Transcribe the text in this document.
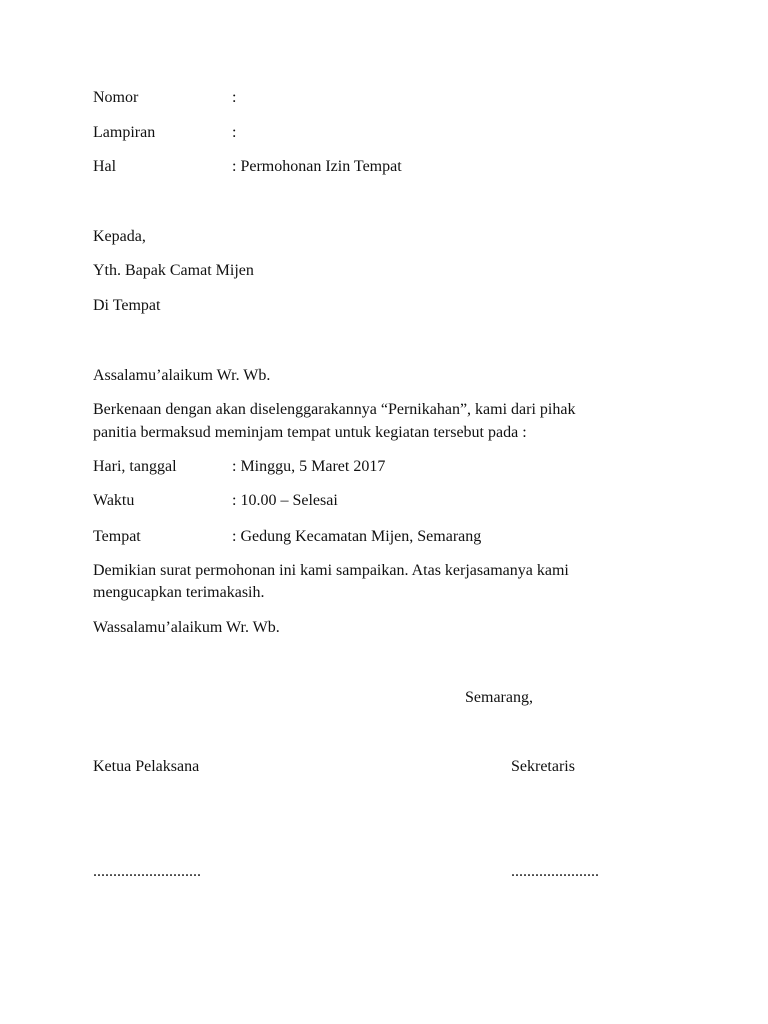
Nomor	:
Lampiran	:
Hal	: Permohonan Izin Tempat
Kepada,
Yth. Bapak Camat Mijen
Di Tempat
Assalamu’alaikum Wr. Wb.
Berkenaan dengan akan diselenggarakannya “Pernikahan”, kami dari pihak
panitia bermaksud meminjam tempat untuk kegiatan tersebut pada :
Hari, tanggal	: Minggu, 5 Maret 2017
Waktu	: 10.00 – Selesai
Tempat	: Gedung Kecamatan Mijen, Semarang
Demikian surat permohonan ini kami sampaikan. Atas kerjasamanya kami
mengucapkan terimakasih.
Wassalamu’alaikum Wr. Wb.
Semarang,
Ketua Pelaksana	Sekretaris
...........................	......................
